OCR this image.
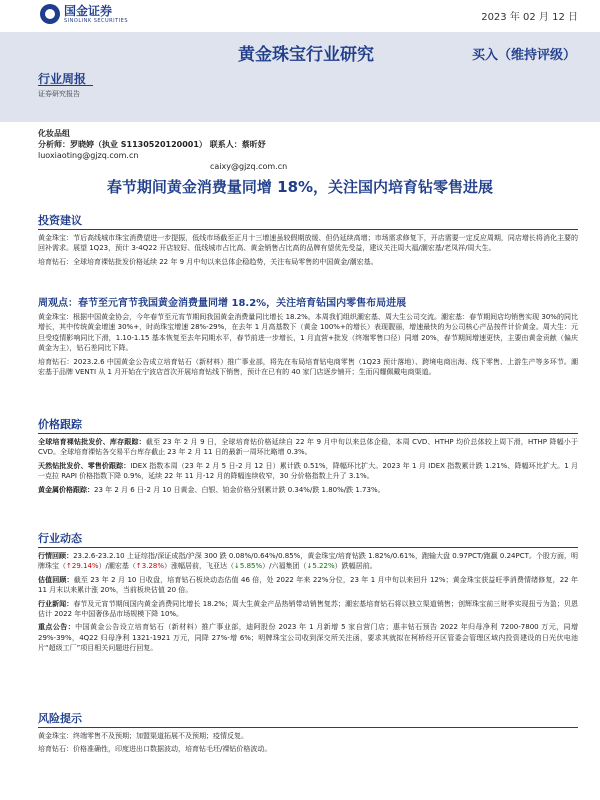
国金证券
SINOLINK SECURITIES	2023 年 02 月 12 日
黄金珠宝行业研究	买入（维持评级）
行业周报
证券研究报告
化妆品组
分析师：罗晓婷（执业 S1130520120001） 联系人：蔡昕妤
luoxiaoting@gjzq.com.cn
caixy@gjzq.com.cn
春节期间黄金消费量同增 18%，关注国内培育钻零售进展
投资建议

黄金珠宝：节后高线城市珠宝消费望进一步提振，低线市场截至正月十三增速虽较假期放缓、但仍延续高增；市场需求修复下，开店需要一定反应周期，同店增长将消化主要的回补需求。展望 1Q23，预计 3-4Q22 开店较好、低线城市占比高、黄金销售占比高的品牌有望优先受益，建议关注周大福/潮宏基/老凤祥/周大生。

培育钻石：全球培育裸钻批发价格延续 22 年 9 月中旬以来总体企稳趋势，关注布局零售的中国黄金/潮宏基。

周观点：春节至元宵节我国黄金消费量同增 18.2%，关注培育钻国内零售布局进展

黄金珠宝：根据中国黄金协会，今年春节至元宵节期间我国黄金消费量同比增长 18.2%。本周我们组织潮宏基、周大生公司交流。潮宏基：春节期间店均销售实现 30%的同比增长，其中传统黄金增速 30%+，时尚珠宝增速 28%-29%，在去年 1 月高基数下（黄金 100%+的增长）表现靓丽，增速最快的为公司核心产品按件计价黄金。周大生：元旦受疫情影响同比下滑，1.10-1.15 基本恢复至去年同期水平，春节前进一步增长，1 月直营+批发（终端零售口径）同增 20%，春节期间增速更快，主要由黄金贡献（偏庆黄金为主），钻石差同比下降。

培育钻石：2023.2.6 中国黄金公告成立培育钻石（新材料）推广事业部，将先在布局培育钻电商零售（1Q23 预计落地）、跨境电商出海、线下零售、上游生产等多环节。潮宏基于品牌 VENTI 从 1 月开始在宁波店首次开展培育钻线下销售，预计在已有的 40 家门店逐步铺开；生而闪耀佩戴电商渠道。

价格跟踪

全球培育裸钻批发价、库存跟踪：截至 23 年 2 月 9 日，全球培育钻价格延续自 22 年 9 月中旬以来总体企稳，本周 CVD、HTHP 均价总体较上周下滑，HTHP 降幅小于 CVD。全球培育裸钻各交易平台库存截止 23 年 2 月 11 日的最新一周环比略增 0.3%。

天然钻批发价、零售价跟踪：IDEX 指数本周（23 年 2 月 5 日-2 月 12 日）累计跌 0.51%，降幅环比扩大。2023 年 1 月 IDEX 指数累计跌 1.21%、降幅环比扩大。1 月一克拉 RAPI 价格指数下降 0.9%，延续 22 年 11 月-12 月的降幅连续收窄，30 分价格指数上升了 3.1%。

黄金属价格跟踪：23 年 2 月 6 日-2 月 10 日黄金、白银、铂金价格分别累计跌 0.34%/跌 1.80%/跌 1.73%。

行业动态

行情回顾：23.2.6-23.2.10 上证综指/深证成指/沪深 300 跌 0.08%/0.64%/0.85%，黄金珠宝/培育钻跌 1.82%/0.61%，跑输大盘 0.97PCT/跑赢 0.24PCT。个股方面，明牌珠宝（↑29.14%）/潮宏基（↑3.28%）涨幅居前，飞亚达（↓5.85%）/六福集团（↓5.22%）跌幅居前。

估值回顾：截至 23 年 2 月 10 日收盘，培育钻石板块动态估值 46 倍，处 2022 年来 22%分位，23 年 1 月中旬以来回升 12%；黄金珠宝获益旺季消费情绪修复，22 年 11 月末以来累计涨 20%，当前板块估值 20 倍。

行业新闻：春节及元宵节期间国内黄金消费同比增长 18.2%；周大生黄金产品热销带动销售复苏；潮宏基培育钻石将以独立渠道销售；创辉珠宝前三财季实现扭亏为盈；贝恩估计 2022 年中国奢侈品市场规模下降 10%。

重点公告：中国黄金公告设立培育钻石（新材料）推广事业部，迪阿股份 2023 年 1 月新增 5 家自营门店；惠丰钻石预告 2022 年归母净利 7200-7800 万元，同增 29%-39%，4Q22 归母净利 1321-1921 万元，同降 27%-增 6%；明牌珠宝公司收到深交所关注函，要求其就拟在柯桥经开区管委会管理区域内投资建设的日光伏电池片“超级工厂”项目相关问题进行回复。

风险提示

黄金珠宝：终端零售不及预期；加盟渠道拓展不及预期；疫情反复。

培育钻石：价格准确性，印度进出口数据波动，培育钻毛坯/裸钻价格波动。
